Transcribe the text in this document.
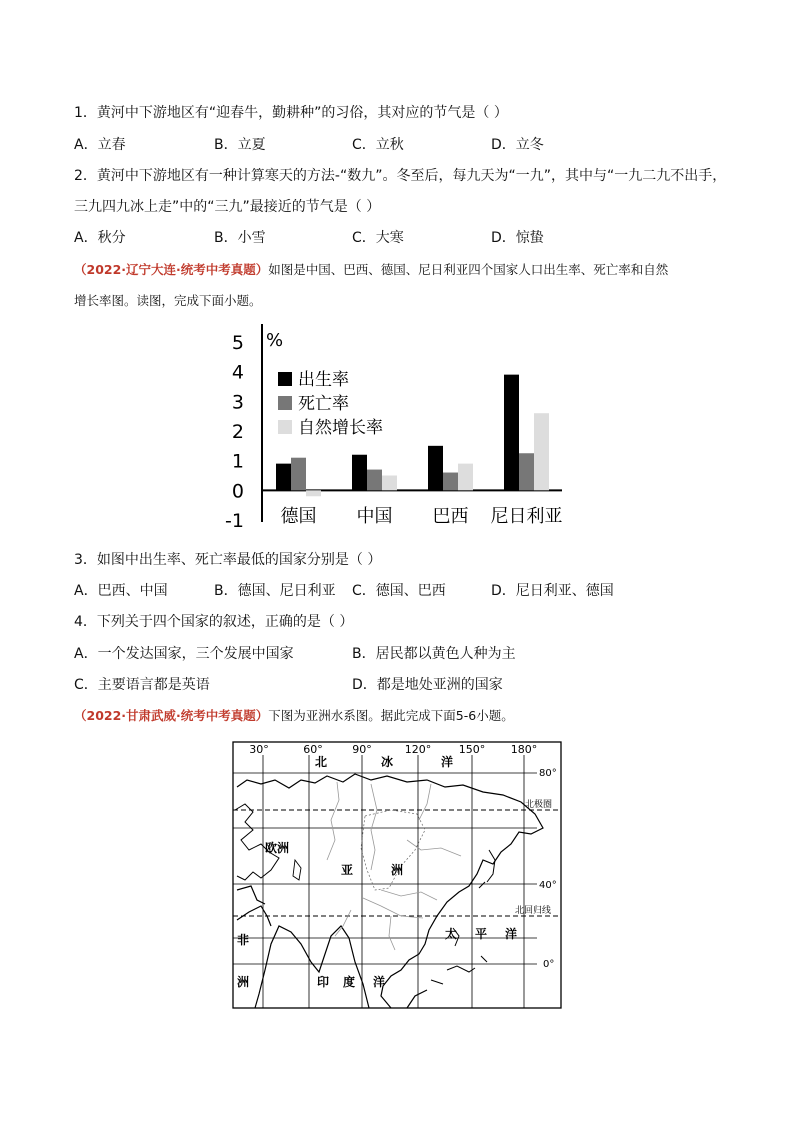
1．黄河中下游地区有“迎春牛，勤耕种”的习俗，其对应的节气是（ ）
A．立春	B．立夏	C．立秋	D．立冬
2．黄河中下游地区有一种计算寒天的方法-“数九”。冬至后，每九天为“一九”，其中与“一九二九不出手，
三九四九冰上走”中的“三九”最接近的节气是（ ）
A．秋分	B．小雪	C．大寒	D．惊蛰
（2022·辽宁大连·统考中考真题）如图是中国、巴西、德国、尼日利亚四个国家人口出生率、死亡率和自然
增长率图。读图，完成下面小题。
%
5
4
3
2
1
0
-1 德国 中国 巴西 尼日利亚
出生率
死亡率
自然增长率
3．如图中出生率、死亡率最低的国家分别是（ ）
A．巴西、中国	B．德国、尼日利亚 C．德国、巴西	D．尼日利亚、德国
4．下列关于四个国家的叙述，正确的是（ ）
A．一个发达国家，三个发展中国家	B．居民都以黄色人种为主
C．主要语言都是英语	D．都是地处亚洲的国家
（2022·甘肃武威·统考中考真题）下图为亚洲水系图。据此完成下面5-6小题。
30°	60°	90°	120°	150° 180°
80°
40°
0°
北极圈
北回归线
北	冰	洋
欧洲
亚	洲
非
洲	印 度 洋
太 平 洋
